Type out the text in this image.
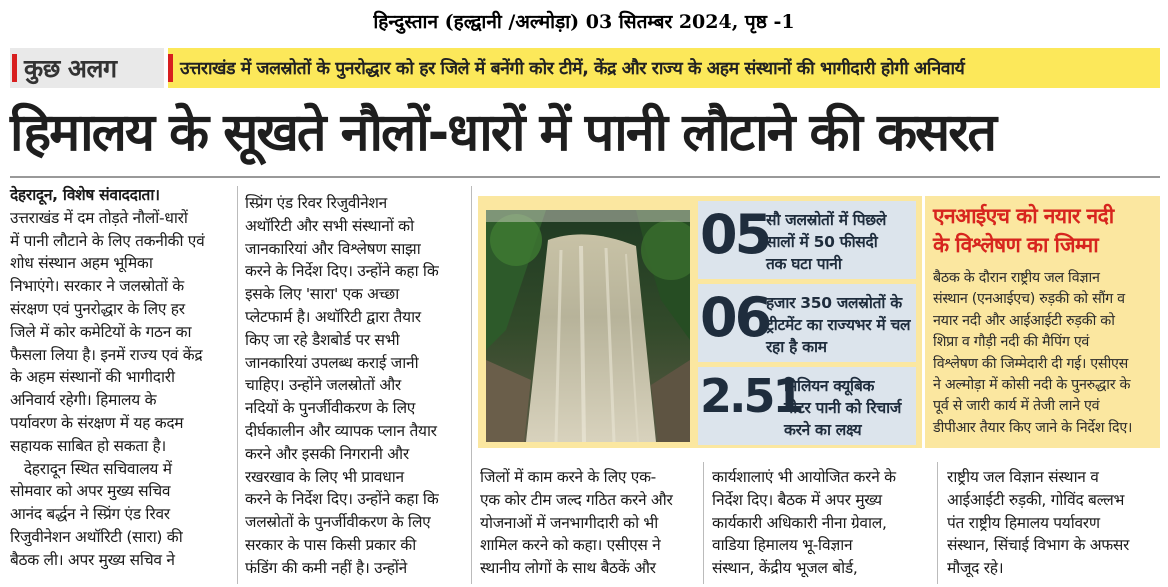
हिन्दुस्तान (हल्द्वानी /अल्मोड़ा) 03 सितम्बर 2024, पृष्ठ -1
कुछ अलग	उत्तराखंड में जलस्रोतों के पुनरोद्धार को हर जिले में बनेंगी कोर टीमें, केंद्र और राज्य के अहम संस्थानों की भागीदारी होगी अनिवार्य
हिमालय के सूखते नौलों-धारों में पानी लौटाने की कसरत

देहरादून, विशेष संवाददाता।

उत्तराखंड में दम तोड़ते नौलों-धारों

में पानी लौटाने के लिए तकनीकी एवं

शोध संस्थान अहम भूमिका

निभाएंगे। सरकार ने जलस्रोतों के

संरक्षण एवं पुनरोद्धार के लिए हर

जिले में कोर कमेटियों के गठन का

फैसला लिया है। इनमें राज्य एवं केंद्र

के अहम संस्थानों की भागीदारी

अनिवार्य रहेगी। हिमालय के

पर्यावरण के संरक्षण में यह कदम

सहायक साबित हो सकता है।

देहरादून स्थित सचिवालय में

सोमवार को अपर मुख्य सचिव

आनंद बर्द्धन ने स्प्रिंग एंड रिवर

रिजुवीनेशन अथॉरिटी (सारा) की

बैठक ली। अपर मुख्य सचिव ने

स्प्रिंग एंड रिवर रिजुवीनेशन

अथॉरिटी और सभी संस्थानों को

जानकारियां और विश्लेषण साझा

करने के निर्देश दिए। उन्होंने कहा कि

इसके लिए 'सारा' एक अच्छा

प्लेटफार्म है। अथॉरिटी द्वारा तैयार

किए जा रहे डैशबोर्ड पर सभी

जानकारियां उपलब्ध कराई जानी

चाहिए। उन्होंने जलस्रोतों और

नदियों के पुनर्जीवीकरण के लिए

दीर्घकालीन और व्यापक प्लान तैयार

करने और इसकी निगरानी और

रखरखाव के लिए भी प्रावधान

करने के निर्देश दिए। उन्होंने कहा कि

जलस्रोतों के पुनर्जीवीकरण के लिए

सरकार के पास किसी प्रकार की

फंडिंग की कमी नहीं है। उन्होंने

05
सौ जलस्रोतों में पिछले
सालों में 50 फीसदी
तक घटा पानी
06
हजार 350 जलस्रोतों के
ट्रीटमेंट का राज्यभर में चल
रहा है काम
2.51
मिलियन क्यूबिक
मीटर पानी को रिचार्ज
करने का लक्ष्य
एनआईएच को नयार नदी
के विश्लेषण का जिम्मा
बैठक के दौरान राष्ट्रीय जल विज्ञान
संस्थान (एनआईएच) रुड़की को सौंग व
नयार नदी और आईआईटी रुड़की को
शिप्रा व गौड़ी नदी की मैपिंग एवं
विश्लेषण की जिम्मेदारी दी गई। एसीएस
ने अल्मोड़ा में कोसी नदी के पुनरुद्धार के
पूर्व से जारी कार्य में तेजी लाने एवं
डीपीआर तैयार किए जाने के निर्देश दिए।
जिलों में काम करने के लिए एक-
एक कोर टीम जल्द गठित करने और
योजनाओं में जनभागीदारी को भी
शामिल करने को कहा। एसीएस ने
स्थानीय लोगों के साथ बैठकें और
कार्यशालाएं भी आयोजित करने के
निर्देश दिए। बैठक में अपर मुख्य
कार्यकारी अधिकारी नीना ग्रेवाल,
वाडिया हिमालय भू-विज्ञान
संस्थान, केंद्रीय भूजल बोर्ड,
राष्ट्रीय जल विज्ञान संस्थान व
आईआईटी रुड़की, गोविंद बल्लभ
पंत राष्ट्रीय हिमालय पर्यावरण
संस्थान, सिंचाई विभाग के अफसर
मौजूद रहे।
